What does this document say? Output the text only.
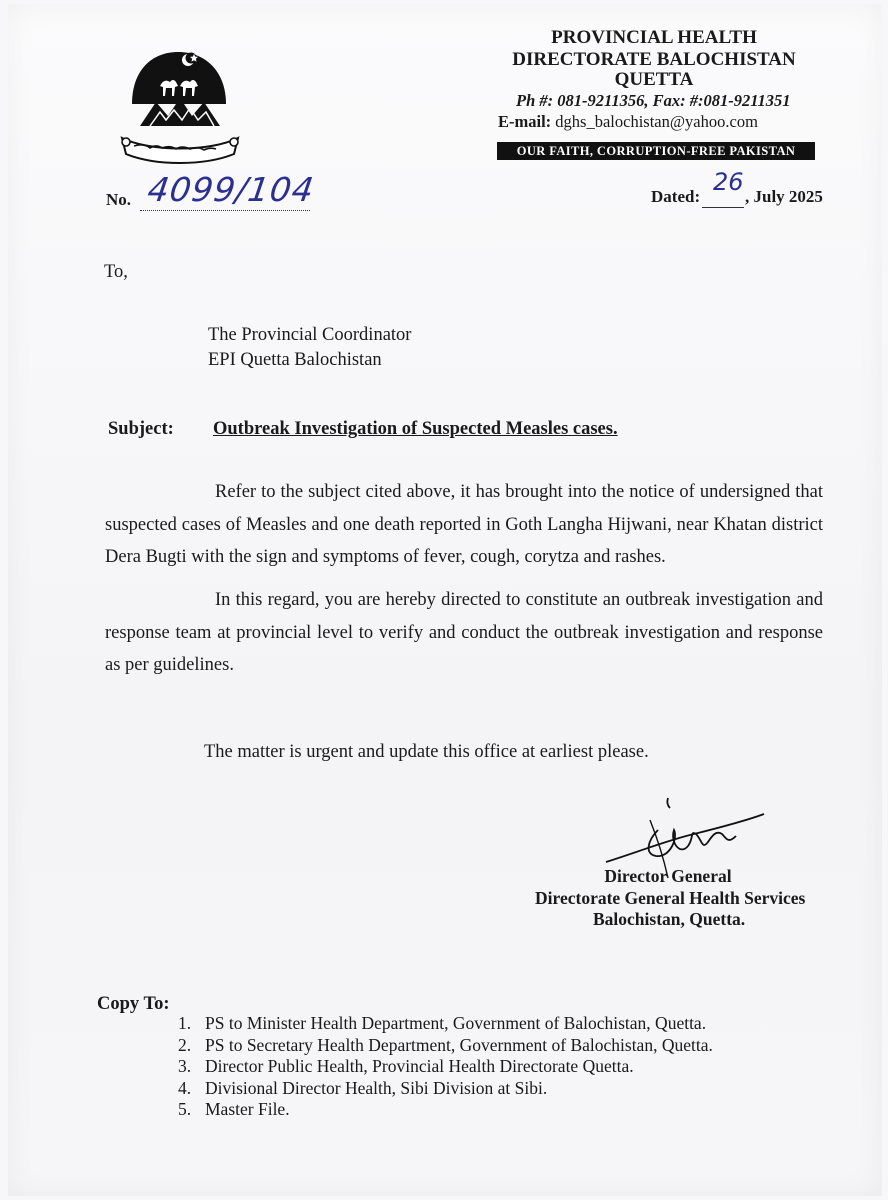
PROVINCIAL HEALTH
DIRECTORATE BALOCHISTAN
QUETTA
Ph #: 081-9211356, Fax: #:081-9211351
E-mail: dghs_balochistan@yahoo.com
OUR FAITH, CORRUPTION-FREE PAKISTAN
No. 4099/104	Dated:
26
, July 2025
To,
The Provincial Coordinator
EPI Quetta Balochistan
Subject: Outbreak Investigation of Suspected Measles cases.
Refer to the subject cited above, it has brought into the notice of undersigned that suspected cases of Measles and one death reported in Goth Langha Hijwani, near Khatan district Dera Bugti with the sign and symptoms of fever, cough, corytza and rashes.
In this regard, you are hereby directed to constitute an outbreak investigation and response team at provincial level to verify and conduct the outbreak investigation and response as per guidelines.
The matter is urgent and update this office at earliest please.
Director General
Directorate General Health Services
Balochistan, Quetta.
Copy To:
1. PS to Minister Health Department, Government of Balochistan, Quetta.
2. PS to Secretary Health Department, Government of Balochistan, Quetta.
3. Director Public Health, Provincial Health Directorate Quetta.
4. Divisional Director Health, Sibi Division at Sibi.
5. Master File.
